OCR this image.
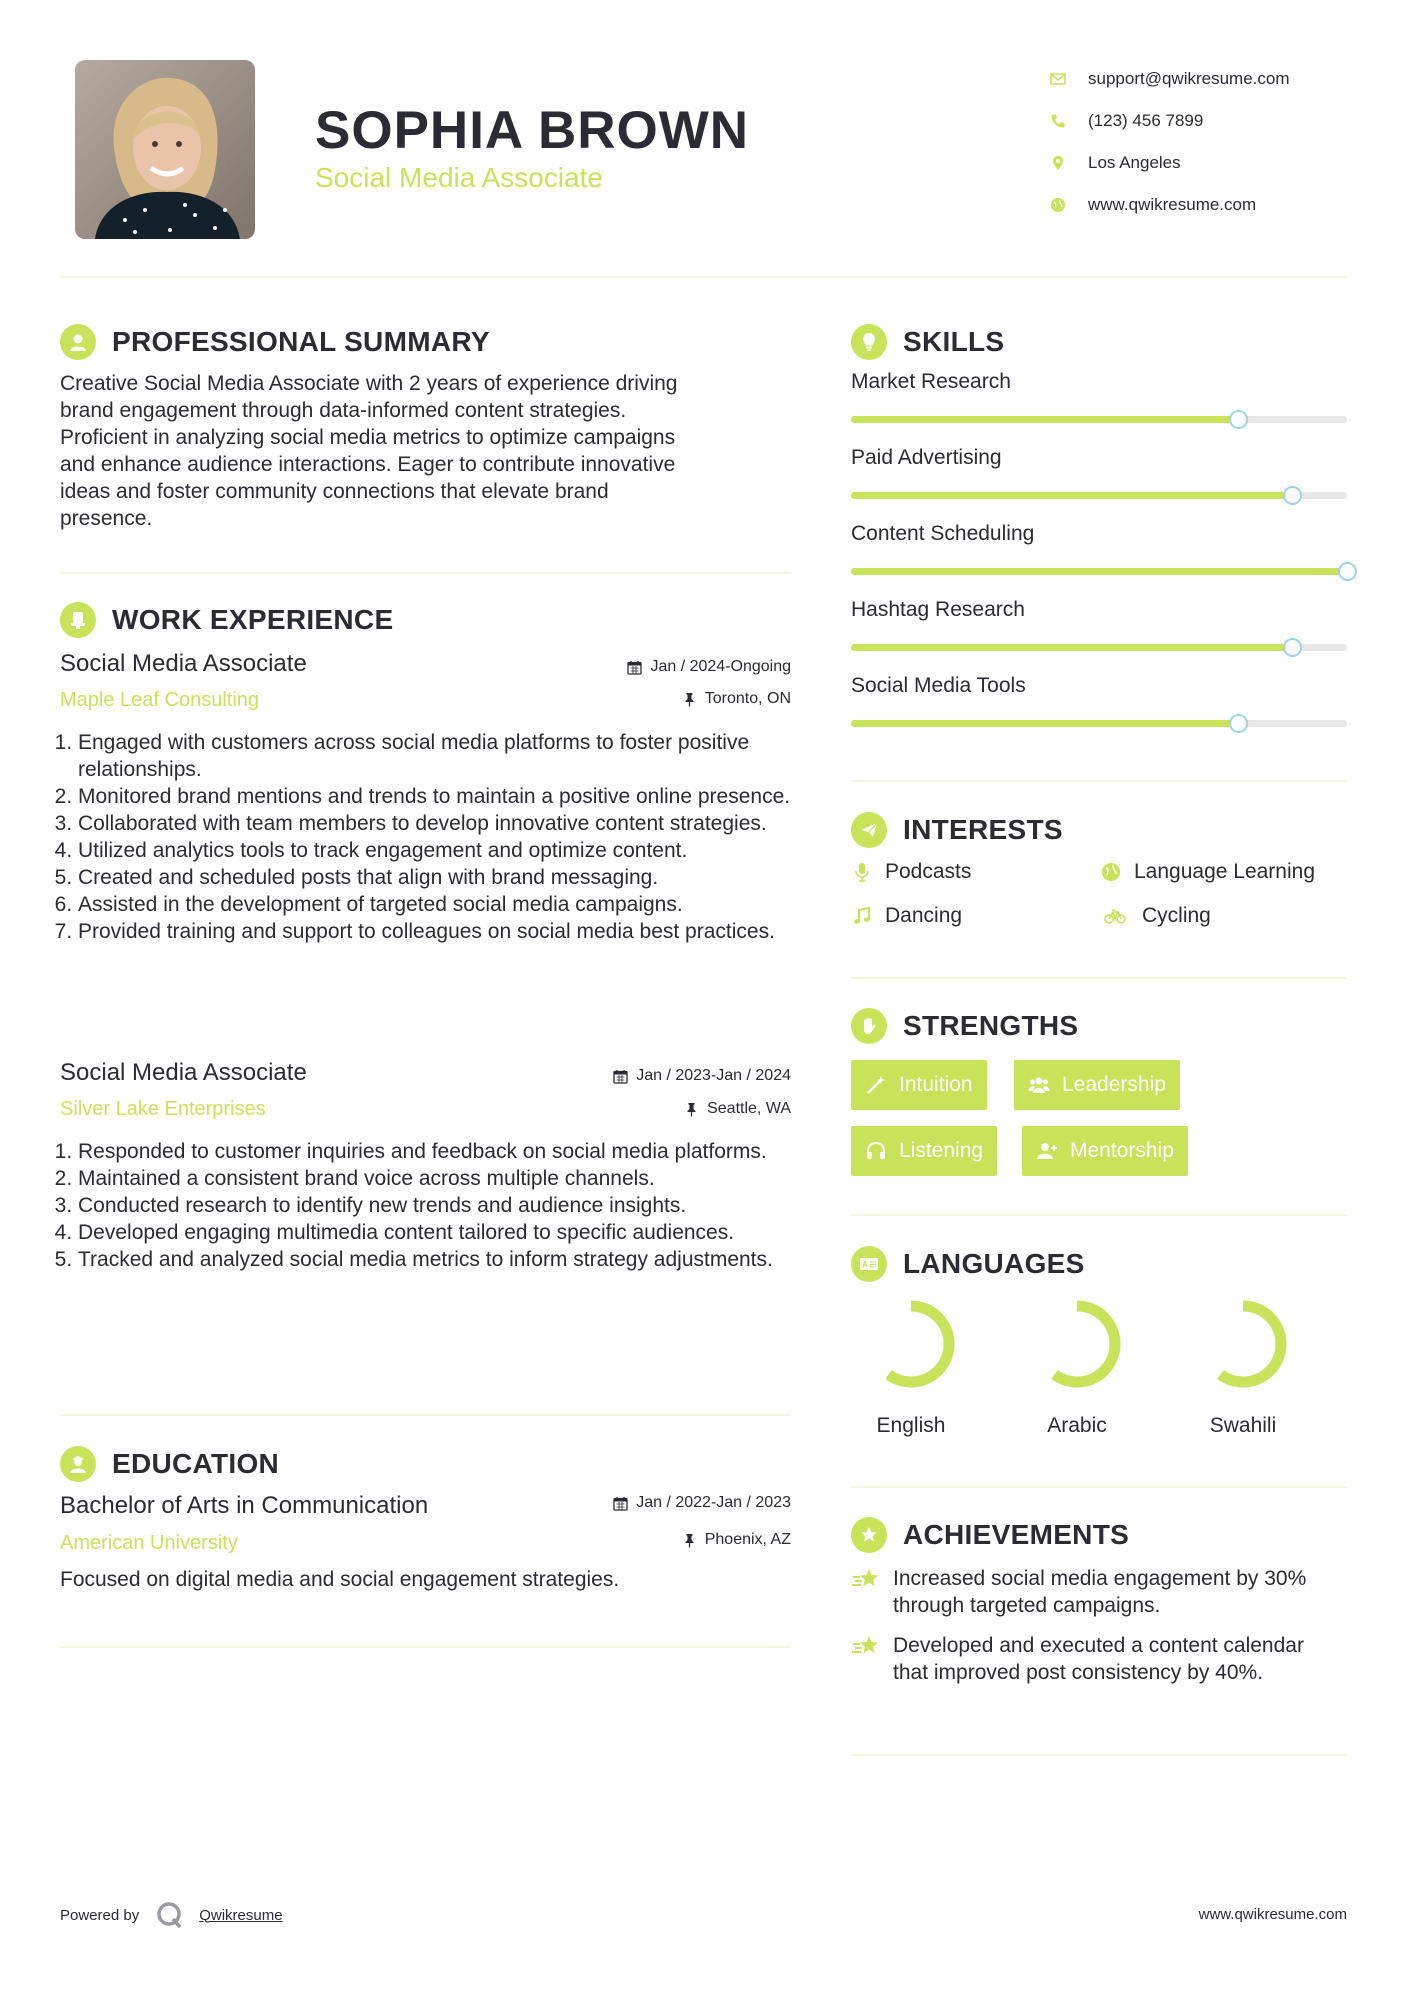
SOPHIA BROWN
Social Media Associate
support@qwikresume.com
(123) 456 7899
Los Angeles
www.qwikresume.com
PROFESSIONAL SUMMARY
Creative Social Media Associate with 2 years of experience driving
brand engagement through data-informed content strategies.
Proficient in analyzing social media metrics to optimize campaigns
and enhance audience interactions. Eager to contribute innovative
ideas and foster community connections that elevate brand
presence.
WORK EXPERIENCE
Social Media Associate
Maple Leaf Consulting
Jan / 2024-Ongoing
Toronto, ON
1. Engaged with customers across social media platforms to foster positive relationships.
2. Monitored brand mentions and trends to maintain a positive online presence.
3. Collaborated with team members to develop innovative content strategies.
4. Utilized analytics tools to track engagement and optimize content.
5. Created and scheduled posts that align with brand messaging.
6. Assisted in the development of targeted social media campaigns.
7. Provided training and support to colleagues on social media best practices.
Social Media Associate
Silver Lake Enterprises
Jan / 2023-Jan / 2024
Seattle, WA
1. Responded to customer inquiries and feedback on social media platforms.
2. Maintained a consistent brand voice across multiple channels.
3. Conducted research to identify new trends and audience insights.
4. Developed engaging multimedia content tailored to specific audiences.
5. Tracked and analyzed social media metrics to inform strategy adjustments.
EDUCATION
Bachelor of Arts in Communication
American University
Jan / 2022-Jan / 2023
Phoenix, AZ
Focused on digital media and social engagement strategies.
SKILLS
Market Research
Paid Advertising
Content Scheduling
Hashtag Research
Social Media Tools
INTERESTS
Podcasts	Language Learning
Dancing	Cycling
STRENGTHS
Intuition	Leadership
Listening	Mentorship
LANGUAGES
English	Arabic	Swahili
ACHIEVEMENTS
Increased social media engagement by 30% through targeted campaigns.
Developed and executed a content calendar that improved post consistency by 40%.
Powered by	Qwikresume	www.qwikresume.com
